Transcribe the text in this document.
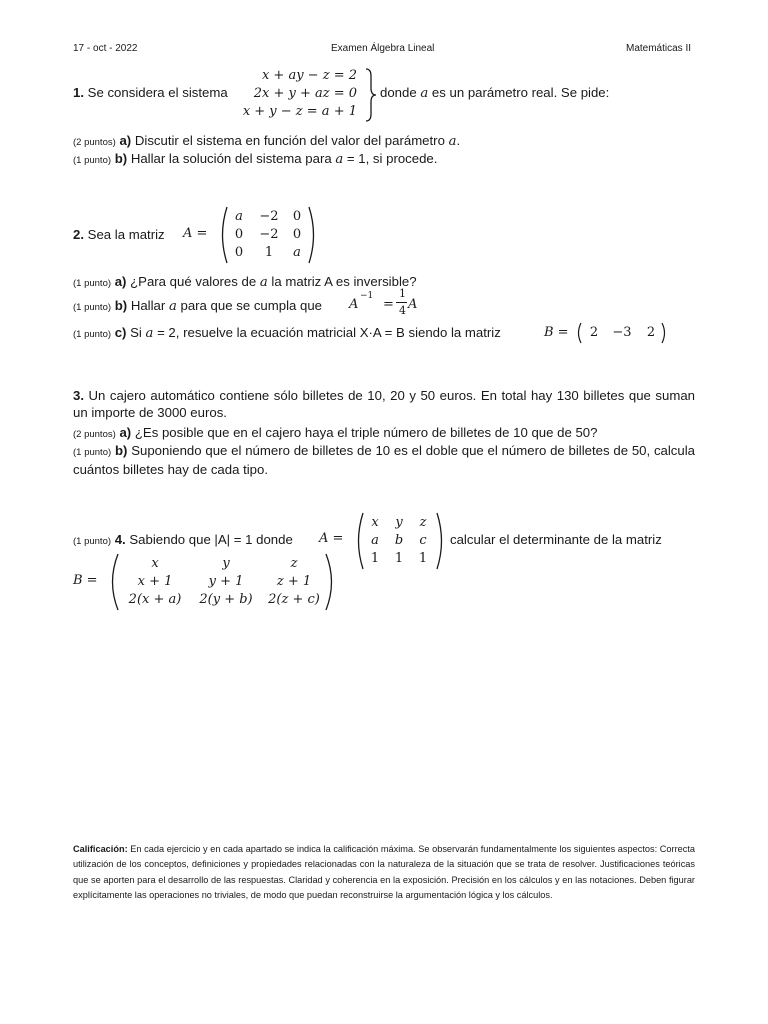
17 - oct - 2022	Examen Álgebra Lineal	Matemáticas II
1. Se considera el sistema
x + ay − z = 2
2x + y + az = 0
x + y − z = a + 1
donde a es un parámetro real. Se pide:
(2 puntos) a) Discutir el sistema en función del valor del parámetro a.
(1 punto) b) Hallar la solución del sistema para a = 1, si procede.
2. Sea la matriz A =
a	−2	0
0	−2	0
0	1	a
(1 punto) a) ¿Para qué valores de a la matriz A es inversible?
(1 punto) b) Hallar a para que se cumpla que A
−1
=
1
4 A
(1 punto) c) Si a = 2, resuelve la ecuación matricial X·A = B siendo la matriz	B =	2	−3	2
3. Un cajero automático contiene sólo billetes de 10, 20 y 50 euros. En total hay 130 billetes que suman un importe de 3000 euros.
(2 puntos) a) ¿Es posible que en el cajero haya el triple número de billetes de 10 que de 50?
(1 punto) b) Suponiendo que el número de billetes de 10 es el doble que el número de billetes de 50, calcula cuántos billetes hay de cada tipo.
(1 punto) 4. Sabiendo que |A| = 1 donde A =
x	y	z
a	b	c
1	1	1
calcular el determinante de la matriz
B =
x	y	z
x + 1	y + 1	z + 1
2(x + a)	2(y + b)	2(z + c)
Calificación: En cada ejercicio y en cada apartado se indica la calificación máxima. Se observarán fundamentalmente los siguientes aspectos: Correcta utilización de los conceptos, definiciones y propiedades relacionadas con la naturaleza de la situación que se trata de resolver. Justificaciones teóricas que se aporten para el desarrollo de las respuestas. Claridad y coherencia en la exposición. Precisión en los cálculos y en las notaciones. Deben figurar explícitamente las operaciones no triviales, de modo que puedan reconstruirse la argumentación lógica y los cálculos.
